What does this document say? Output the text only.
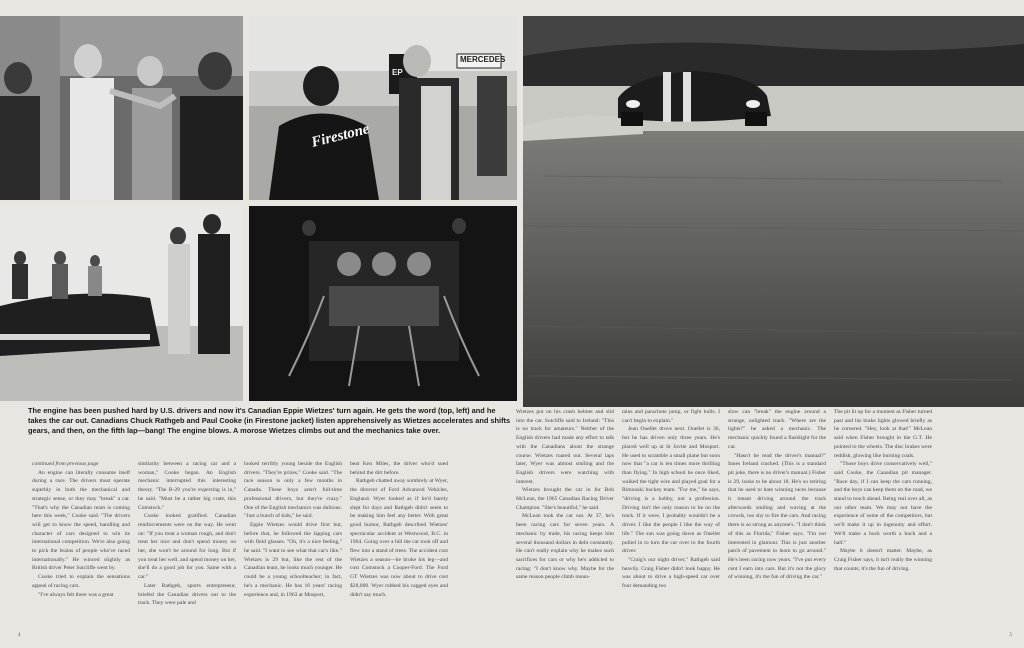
Firestone
MERCEDES
EP

The engine has been pushed hard by U.S. drivers and now it's Canadian Eppie Wietzes' turn again. He gets the word (top, left) and he takes the car out. Canadians Chuck Rathgeb and Paul Cooke (in Firestone jacket) listen apprehensively as Wietzes accelerates and shifts gears, and then, on the fifth lap—bang! The engine blows. A morose Wietzes climbs out and the mechanics take over.

continued from previous page

An engine can literally consume itself during a race. The drivers must operate superbly in both the mechanical and strategic sense, or they may "break" a car. "That's why the Canadian team is coming here this week," Cooke said. "The drivers will get to know the speed, handling and character of cars designed to win its international competition. We're also going to pick the brains of people who've raced internationally." He winced slightly as British driver Peter Sutcliffe went by.

Cooke tried to explain the sensations appeal of racing cars.

"I've always felt there was a great

similarity between a racing car and a woman," Cooke began. An English mechanic interrupted this interesting theory. "The B-29 you're expecting is in," he said. "Must be a rather big crate, this Comstock."

Cooke looked gratified. Canadian reinforcements were on the way. He went on: "If you treat a woman rough, and don't treat her nice and don't spend money on her, she won't be around for long. But if you treat her well, and spend money on her, she'll do a good job for you. Same with a car."

Later Rathgeb, sports entrepreneur, briefed the Canadian drivers out to the track. They were pale and

looked terribly young beside the English drivers. "They're prizes," Cooke said. "The race season is only a few months in Canada. These boys aren't full-time professional drivers, but they're crazy." One of the English mechanics was dubious. "Just a bunch of kids," he said.

Eppie Wietzes would drive first but, before that, he followed the lapping cars with field glasses. "Oh, it's a nice feeling," he said. "I want to see what that car's like." Wietzes is 29 but, like the rest of the Canadian team, he looks much younger. He could be a young schoolteacher; in fact, he's a mechanic. He has 16 years' racing experience and, in 1963 at Mosport,

beat Ken Miles, the driver who'd sued behind the dirt before.

Rathgeb chatted away sombrely at Wyer, the director of Ford Advanced Vehicles, England. Wyer looked as if he'd barely slept for days and Rathgeb didn't seem to be making him feel any better. With great good humor, Rathgeb described Wietzes' spectacular accident at Westwood, B.C. in 1964. Going over a hill the car took off and flew into a stand of trees. The accident cost Wietzes a season—he broke his leg—and cost Comstock a Cooper-Ford. The Ford GT Wietzes was now about to drive cost $28,000. Wyer rubbed his cagged eyes and didn't say much.

Wietzes put on his crash helmet and slid into the car. Sutcliffe said to Ireland: "This is no track for amateurs." Neither of the English drivers had made any effort to talk with the Canadians about the strange course. Wietzes roared out. Several laps later, Wyer was almost smiling and the English drivers were watching with interest.

Wietzes brought the car in for Bob McLean, the 1965 Canadian Racing Driver Champion. "She's beautiful," he said.

McLean took the car out. At 37, he's been racing cars for seven years. A mechanic by trade, his racing keeps him several thousand dollars in debt constantly. He can't really explain why he makes such sacrifices for cars or why he's addicted to racing: "I don't know why. Maybe for the same reason people climb moun-

tains and parachute jump, or fight bulls. I can't begin to explain."

Jean Ouellet drove next. Ouellet is 36, but he has driven only three years. He's placed well up at St Jovite and Mosport. He used to scramble a small plane but soon now that "a car is ten times more thrilling than flying." In high school he once liked, walked the tight wire and played goal for a Rimouski hockey team. "For me," he says, "driving is a hobby, not a profession. Driving isn't the only reason to be on the track. If it were, I probably wouldn't be a driver. I like the people I like the way of life." The sun was going down as Ouellet pulled in to turn the car over to the fourth driver.

"Craig's our night driver," Rathgeb said heavily. Craig Fisher didn't look happy. He was about to drive a high-speed car over four demanding too

slow can "break" the engine around a strange, unlighted track. "Where are the lights?" he asked a mechanic. The mechanic quickly found a flashlight for the car.

"Hasn't he read the driver's manual?" Innes Ireland cracked. (This is a standard pit joke, there is no driver's manual.) Fisher is 29, looks to be about 18. He's so retiring that he used to hate winning races because it meant driving around the track afterwards smiling and waving at the crowds, too shy to fire the cars. And racing there is so strong as anyone's. "I don't think of this as Florida," Fisher says. "I'm not interested in glamour. This is just another patch of pavement to learn to go around." He's been racing now years. "I've put every cent I earn into cars. But it's not the glory of winning, it's the fun of driving the car."

The pit lit up for a moment as Fisher turned past and his brake lights glowed briefly as he cornered. "Hey, look at that!" McLean said when Fisher brought in the G.T. He pointed to the wheels. The disc brakes were reddish, glowing like burning coals.

"Those boys drive conservatively well," said Cooke, the Canadian pit manager. "Race day, if I can keep the cars running, and the boys can keep them on the road, we stand to touch ahead. Being real over all, as our other team. We may not have the experience of some of the competitors, but we'll make it up in ingenuity and effort. We'll make a buck worth a buck and a half."

Maybe it doesn't matter. Maybe, as Craig Fisher says, it isn't really the winning that counts; it's the fun of driving.

4	5
